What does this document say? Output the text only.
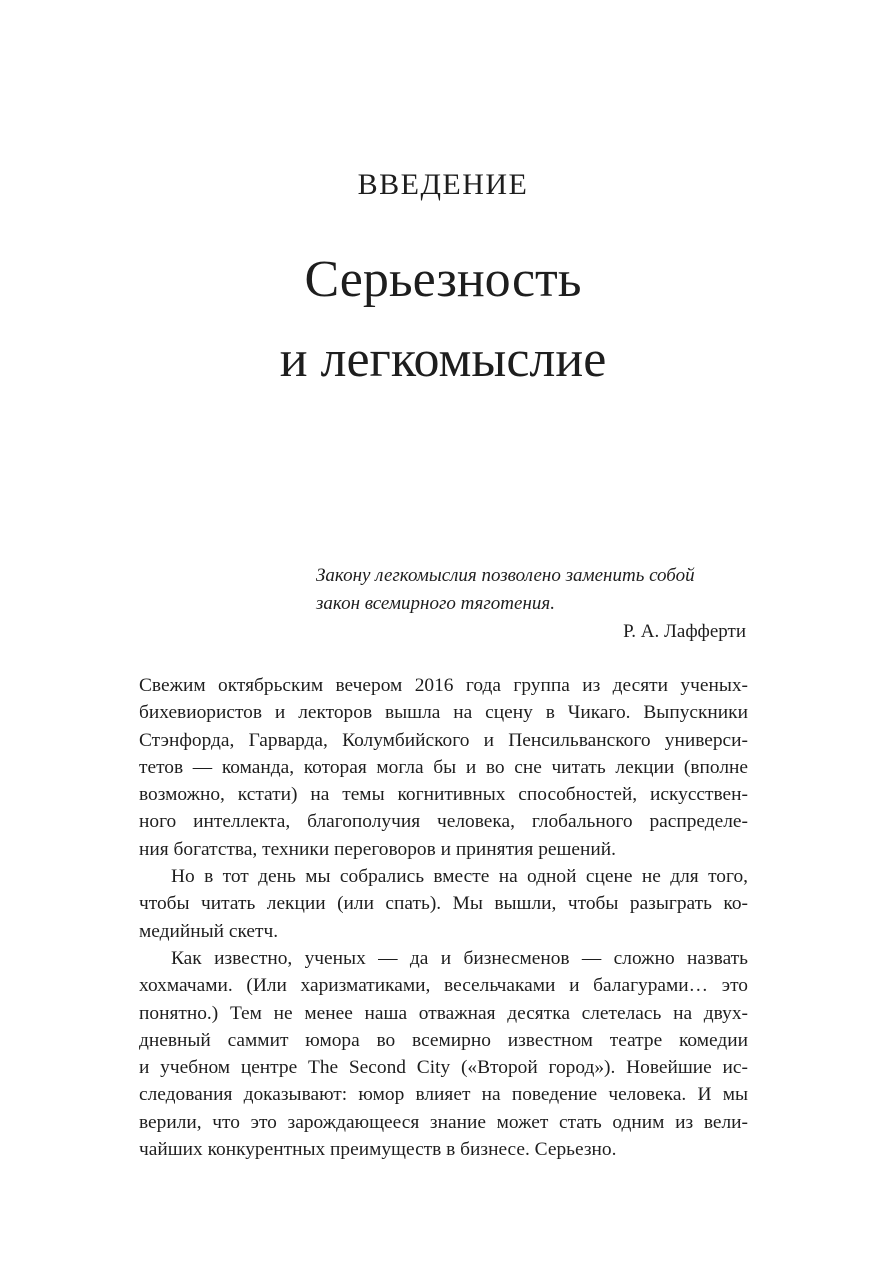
ВВЕДЕНИЕ
Серьезность
и легкомыслие
Закону легкомыслия позволено заменить собой
закон всемирного тяготения.
Р. А. Лафферти
Свежим октябрьским вечером 2016 года группа из десяти ученых-
бихевиористов и лекторов вышла на сцену в Чикаго. Выпускники
Стэнфорда, Гарварда, Колумбийского и Пенсильванского универси-
тетов — команда, которая могла бы и во сне читать лекции (вполне
возможно, кстати) на темы когнитивных способностей, искусствен-
ного интеллекта, благополучия человека, глобального распределе-
ния богатства, техники переговоров и принятия решений.
Но в тот день мы собрались вместе на одной сцене не для того,
чтобы читать лекции (или спать). Мы вышли, чтобы разыграть ко-
медийный скетч.
Как известно, ученых — да и бизнесменов — сложно назвать
хохмачами. (Или харизматиками, весельчаками и балагурами… это
понятно.) Тем не менее наша отважная десятка слетелась на двух-
дневный саммит юмора во всемирно известном театре комедии
и учебном центре The Second City («Второй город»). Новейшие ис-
следования доказывают: юмор влияет на поведение человека. И мы
верили, что это зарождающееся знание может стать одним из вели-
чайших конкурентных преимуществ в бизнесе. Серьезно.
